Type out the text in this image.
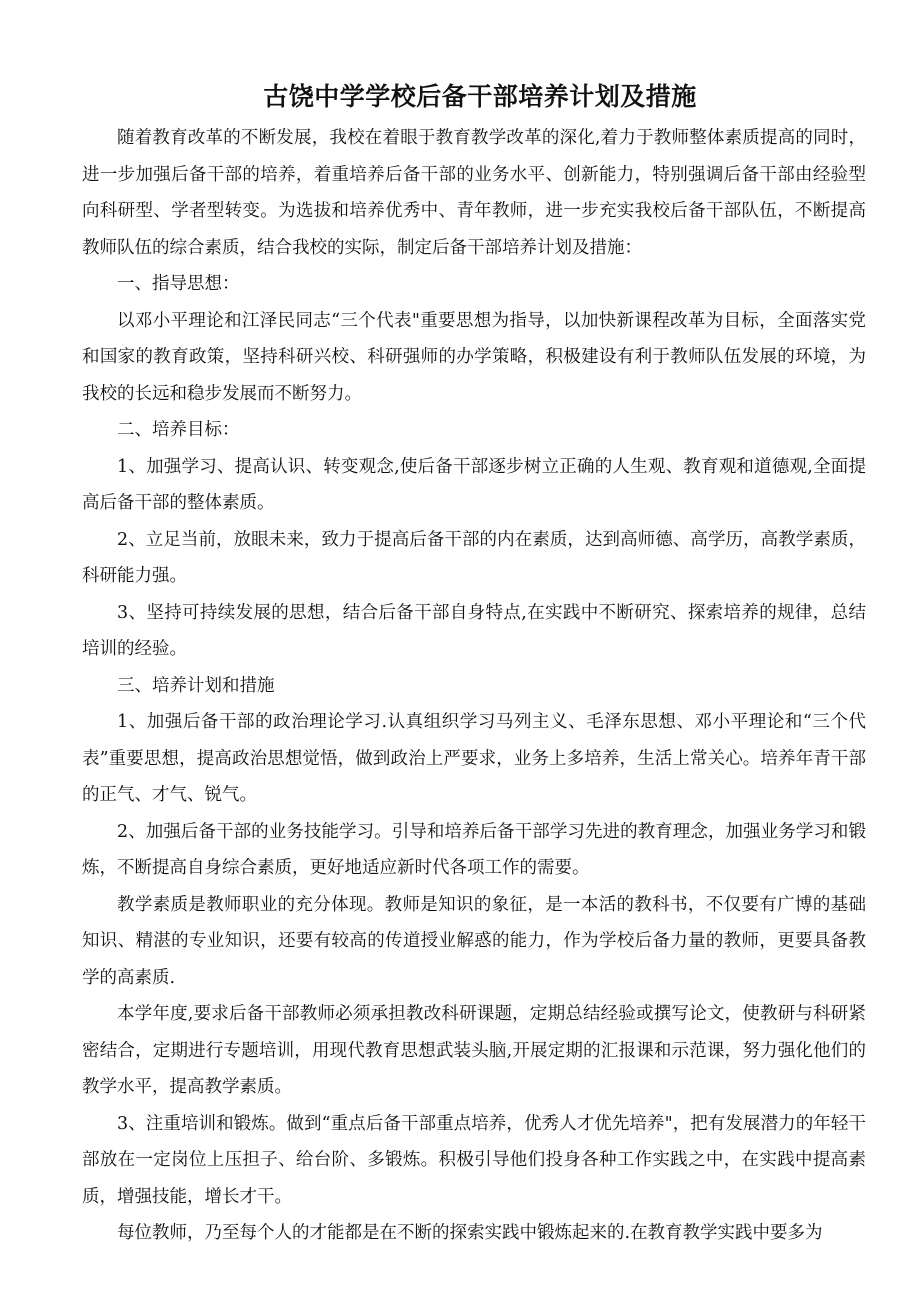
古饶中学学校后备干部培养计划及措施

随着教育改革的不断发展，我校在着眼于教育教学改革的深化,着力于教师整体素质提高的同时，进一步加强后备干部的培养，着重培养后备干部的业务水平、创新能力，特别强调后备干部由经验型向科研型、学者型转变。为选拔和培养优秀中、青年教师，进一步充实我校后备干部队伍，不断提高教师队伍的综合素质，结合我校的实际，制定后备干部培养计划及措施：

一、指导思想：

以邓小平理论和江泽民同志“三个代表"重要思想为指导，以加快新课程改革为目标，全面落实党和国家的教育政策，坚持科研兴校、科研强师的办学策略，积极建设有利于教师队伍发展的环境，为我校的长远和稳步发展而不断努力。

二、培养目标：

1、加强学习、提高认识、转变观念,使后备干部逐步树立正确的人生观、教育观和道德观,全面提高后备干部的整体素质。

2、立足当前，放眼未来，致力于提高后备干部的内在素质，达到高师德、高学历，高教学素质，科研能力强。

3、坚持可持续发展的思想，结合后备干部自身特点,在实践中不断研究、探索培养的规律，总结培训的经验。

三、培养计划和措施

1、加强后备干部的政治理论学习.认真组织学习马列主义、毛泽东思想、邓小平理论和“三个代表”重要思想，提高政治思想觉悟，做到政治上严要求，业务上多培养，生活上常关心。培养年青干部的正气、才气、锐气。

2、加强后备干部的业务技能学习。引导和培养后备干部学习先进的教育理念，加强业务学习和锻炼，不断提高自身综合素质，更好地适应新时代各项工作的需要。

教学素质是教师职业的充分体现。教师是知识的象征，是一本活的教科书，不仅要有广博的基础知识、精湛的专业知识，还要有较高的传道授业解惑的能力，作为学校后备力量的教师，更要具备教学的高素质.

本学年度,要求后备干部教师必须承担教改科研课题，定期总结经验或撰写论文，使教研与科研紧密结合，定期进行专题培训，用现代教育思想武装头脑,开展定期的汇报课和示范课，努力强化他们的教学水平，提高教学素质。

3、注重培训和锻炼。做到“重点后备干部重点培养，优秀人才优先培养"，把有发展潜力的年轻干部放在一定岗位上压担子、给台阶、多锻炼。积极引导他们投身各种工作实践之中，在实践中提高素质，增强技能，增长才干。

每位教师，乃至每个人的才能都是在不断的探索实践中锻炼起来的.在教育教学实践中要多为
